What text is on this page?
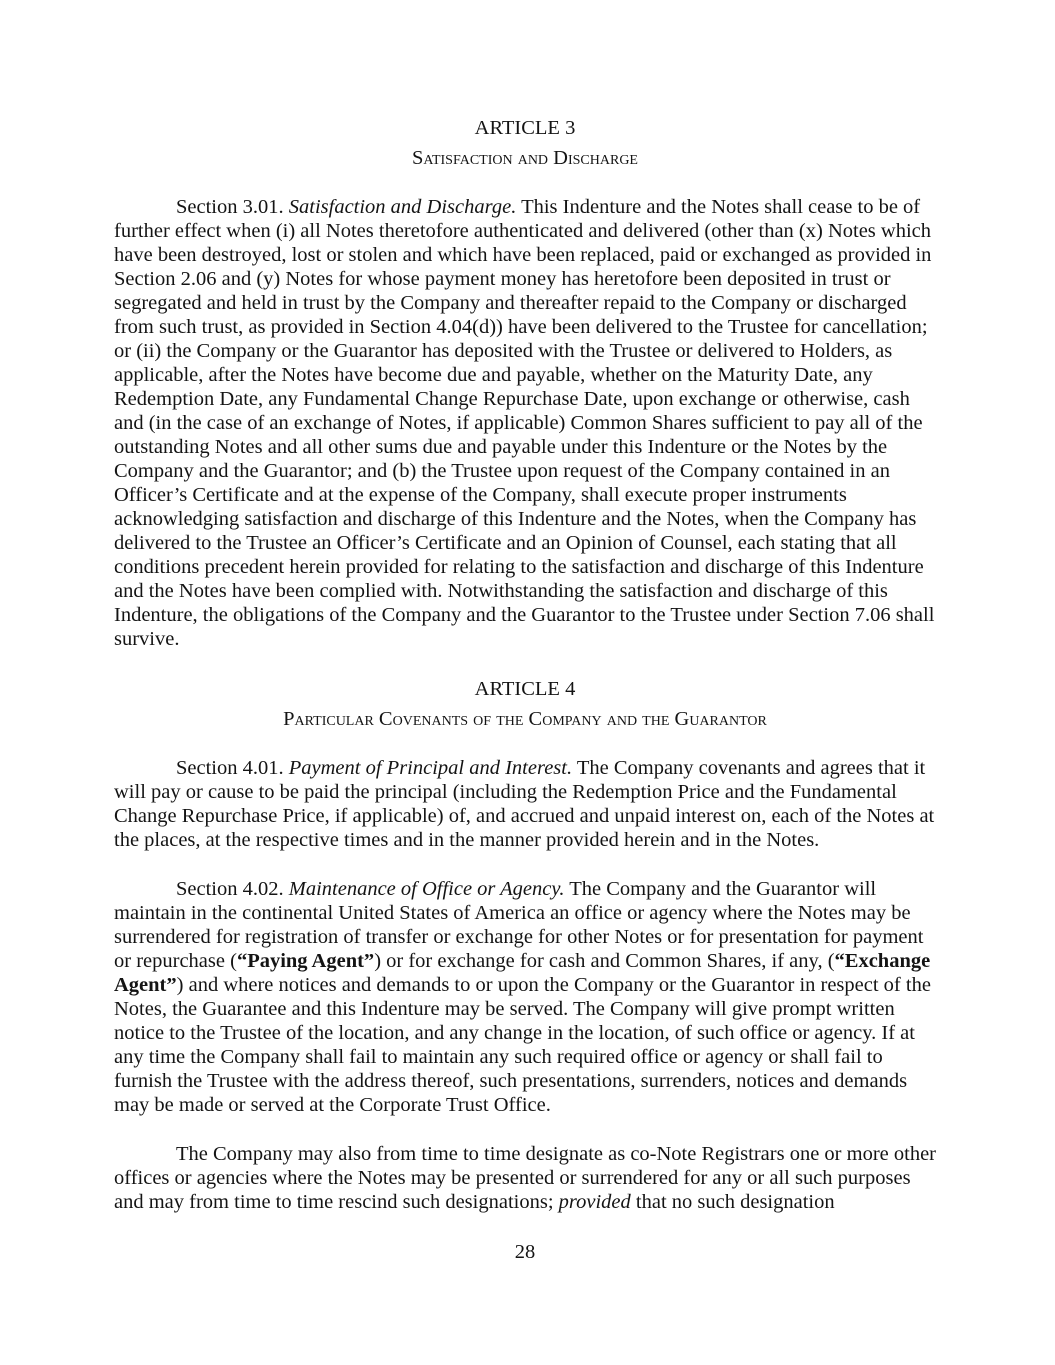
ARTICLE 3
Satisfaction and Discharge

Section 3.01. Satisfaction and Discharge. This Indenture and the Notes shall cease to be of further effect when (i) all Notes theretofore authenticated and delivered (other than (x) Notes which have been destroyed, lost or stolen and which have been replaced, paid or exchanged as provided in Section 2.06 and (y) Notes for whose payment money has heretofore been deposited in trust or segregated and held in trust by the Company and thereafter repaid to the Company or discharged from such trust, as provided in Section 4.04(d)) have been delivered to the Trustee for cancellation; or (ii) the Company or the Guarantor has deposited with the Trustee or delivered to Holders, as applicable, after the Notes have become due and payable, whether on the Maturity Date, any Redemption Date, any Fundamental Change Repurchase Date, upon exchange or otherwise, cash and (in the case of an exchange of Notes, if applicable) Common Shares sufficient to pay all of the outstanding Notes and all other sums due and payable under this Indenture or the Notes by the Company and the Guarantor; and (b) the Trustee upon request of the Company contained in an Officer’s Certificate and at the expense of the Company, shall execute proper instruments acknowledging satisfaction and discharge of this Indenture and the Notes, when the Company has delivered to the Trustee an Officer’s Certificate and an Opinion of Counsel, each stating that all conditions precedent herein provided for relating to the satisfaction and discharge of this Indenture and the Notes have been complied with. Notwithstanding the satisfaction and discharge of this Indenture, the obligations of the Company and the Guarantor to the Trustee under Section 7.06 shall survive.

ARTICLE 4
Particular Covenants of the Company and the Guarantor

Section 4.01. Payment of Principal and Interest. The Company covenants and agrees that it will pay or cause to be paid the principal (including the Redemption Price and the Fundamental Change Repurchase Price, if applicable) of, and accrued and unpaid interest on, each of the Notes at the places, at the respective times and in the manner provided herein and in the Notes.

Section 4.02. Maintenance of Office or Agency. The Company and the Guarantor will maintain in the continental United States of America an office or agency where the Notes may be surrendered for registration of transfer or exchange for other Notes or for presentation for payment or repurchase (“Paying Agent”) or for exchange for cash and Common Shares, if any, (“Exchange Agent”) and where notices and demands to or upon the Company or the Guarantor in respect of the Notes, the Guarantee and this Indenture may be served. The Company will give prompt written notice to the Trustee of the location, and any change in the location, of such office or agency. If at any time the Company shall fail to maintain any such required office or agency or shall fail to furnish the Trustee with the address thereof, such presentations, surrenders, notices and demands may be made or served at the Corporate Trust Office.

The Company may also from time to time designate as co-Note Registrars one or more other offices or agencies where the Notes may be presented or surrendered for any or all such purposes and may from time to time rescind such designations; provided that no such designation

28
